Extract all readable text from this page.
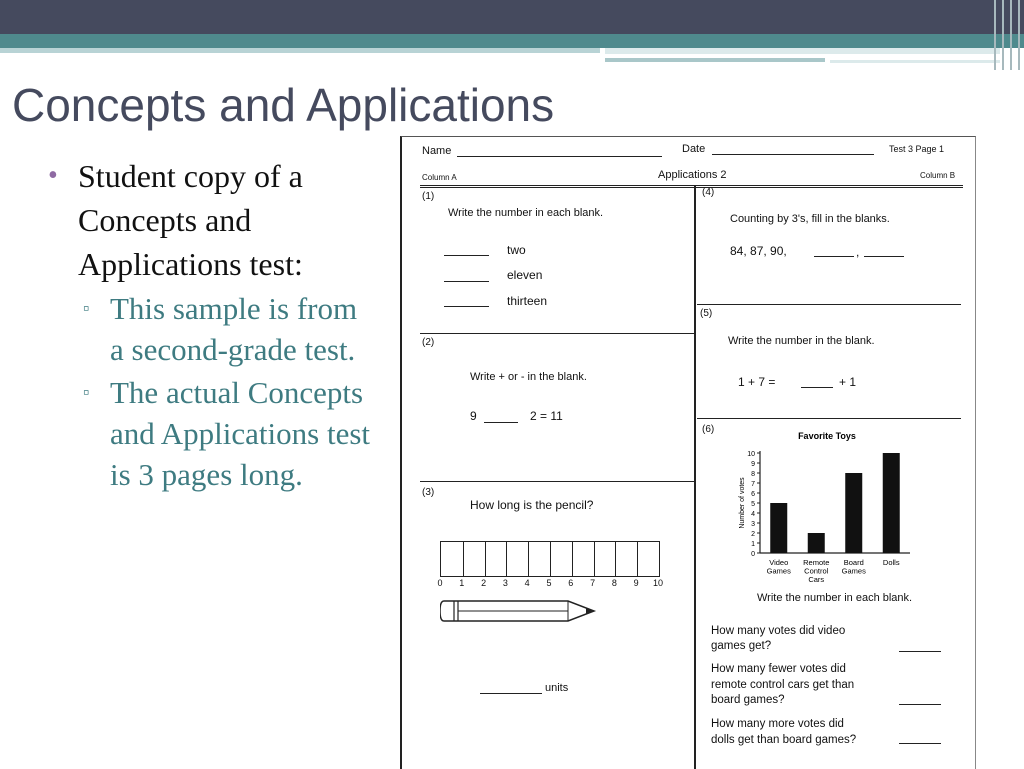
Concepts and Applications
• Student copy of a Concepts and Applications test:
▫ This sample is from a second-grade test.
▫ The actual Concepts and Applications test is 3 pages long.
Name	Date	Test 3 Page 1
Column A	Applications 2	Column B
(1)
Write the number in each blank.
two
eleven
thirteen
(2)
Write + or - in the blank.
9	2 = 11
(3)
How long is the pencil?
0 1 2 3 4 5 6 7 8 9 10
units
(4)
Counting by 3's, fill in the blanks.
84, 87, 90,	,
(5)
Write the number in the blank.
1 + 7 =	+ 1
(6)
Favorite Toys
0
1
2
3
4
5
6
7
8
9
10
Number of votes
Video
Games
Remote
Control
Cars
Board
Games
Dolls
Write the number in each blank.
How many votes did video
games get?
How many fewer votes did
remote control cars get than
board games?
How many more votes did
dolls get than board games?
